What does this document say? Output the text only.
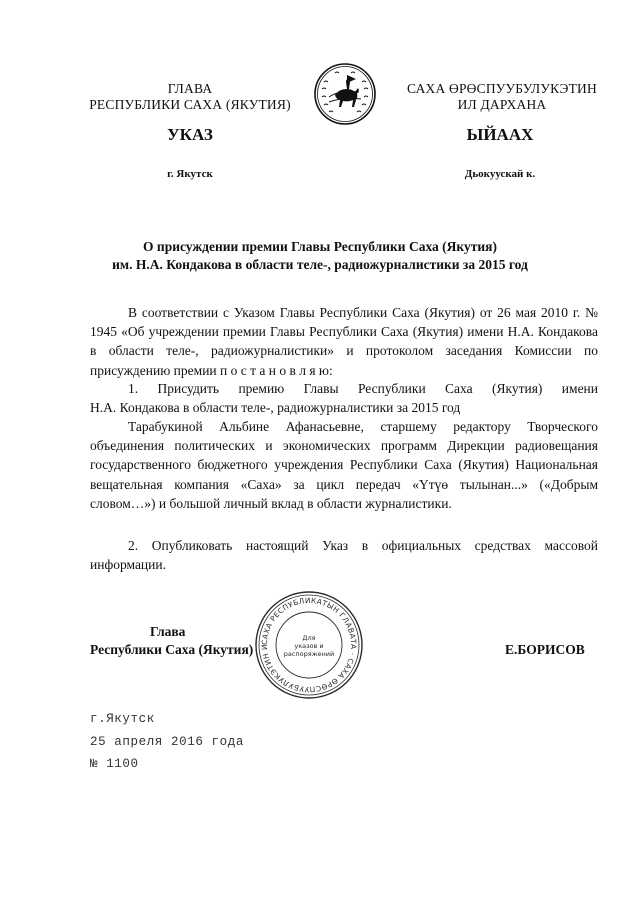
ГЛАВА
РЕСПУБЛИКИ САХА (ЯКУТИЯ)
САХА ӨРӨСПУУБУЛУКЭТИН
ИЛ ДАРХАНА
УКАЗ	ЫЙААХ
г. Якутск	Дьокуускай к.
О присуждении премии Главы Республики Саха (Якутия)
им. Н.А. Кондакова в области теле-, радиожурналистики за 2015 год
В соответствии с Указом Главы Республики Саха (Якутия) от 26 мая 2010 г. № 1945 «Об учреждении премии Главы Республики Саха (Якутия) имени Н.А. Кондакова в области теле-, радиожурналистики» и протоколом заседания Комиссии по присуждению премии п о с т а н о в л я ю:
1. Присудить премию Главы Республики Саха (Якутия) имени
Н.А. Кондакова в области теле-, радиожурналистики за 2015 год
Тарабукиной Альбине Афанасьевне, старшему редактору Творческого объединения политических и экономических программ Дирекции радиовещания государственного бюджетного учреждения Республики Саха (Якутия) Национальная вещательная компания «Саха» за цикл передач «Үтүө тылынан...» («Добрым словом…») и большой личный вклад в области журналистики.
2. Опубликовать настоящий Указ в официальных средствах массовой информации.
Глава
Республики Саха (Якутия)	Е.БОРИСОВ
САХА РЕСПУБЛИКАТЫН ГЛАВАТА · САХА ӨРӨСПУУБУЛУКЭТИН И
Для
указов и
распоряжений
г.Якутск
25 апреля 2016 года
№ 1100
